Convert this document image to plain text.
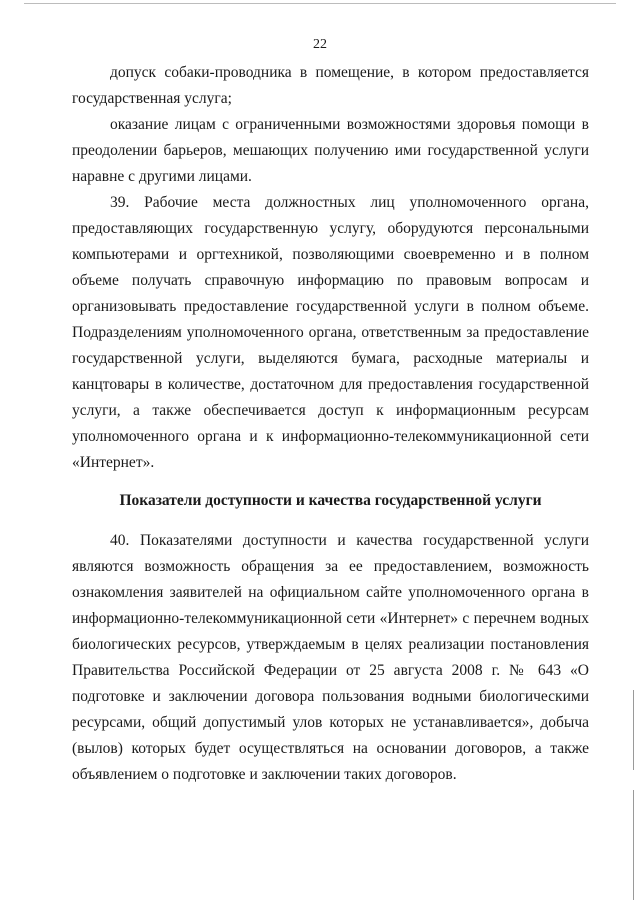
22

допуск собаки-проводника в помещение, в котором предоставляется государственная услуга;

оказание лицам с ограниченными возможностями здоровья помощи в преодолении барьеров, мешающих получению ими государственной услуги наравне с другими лицами.

39. Рабочие места должностных лиц уполномоченного органа, предоставляющих государственную услугу, оборудуются персональными компьютерами и оргтехникой, позволяющими своевременно и в полном объеме получать справочную информацию по правовым вопросам и организовывать предоставление государственной услуги в полном объеме. Подразделениям уполномоченного органа, ответственным за предоставление государственной услуги, выделяются бумага, расходные материалы и канцтовары в количестве, достаточном для предоставления государственной услуги, а также обеспечивается доступ к информационным ресурсам уполномоченного органа и к информационно-телекоммуникационной сети «Интернет».

Показатели доступности и качества государственной услуги

40. Показателями доступности и качества государственной услуги являются возможность обращения за ее предоставлением, возможность ознакомления заявителей на официальном сайте уполномоченного органа в информационно-телекоммуникационной сети «Интернет» с перечнем водных биологических ресурсов, утверждаемым в целях реализации постановления Правительства Российской Федерации от 25 августа 2008 г. № 643 «О подготовке и заключении договора пользования водными биологическими ресурсами, общий допустимый улов которых не устанавливается», добыча (вылов) которых будет осуществляться на основании договоров, а также объявлением о подготовке и заключении таких договоров.
